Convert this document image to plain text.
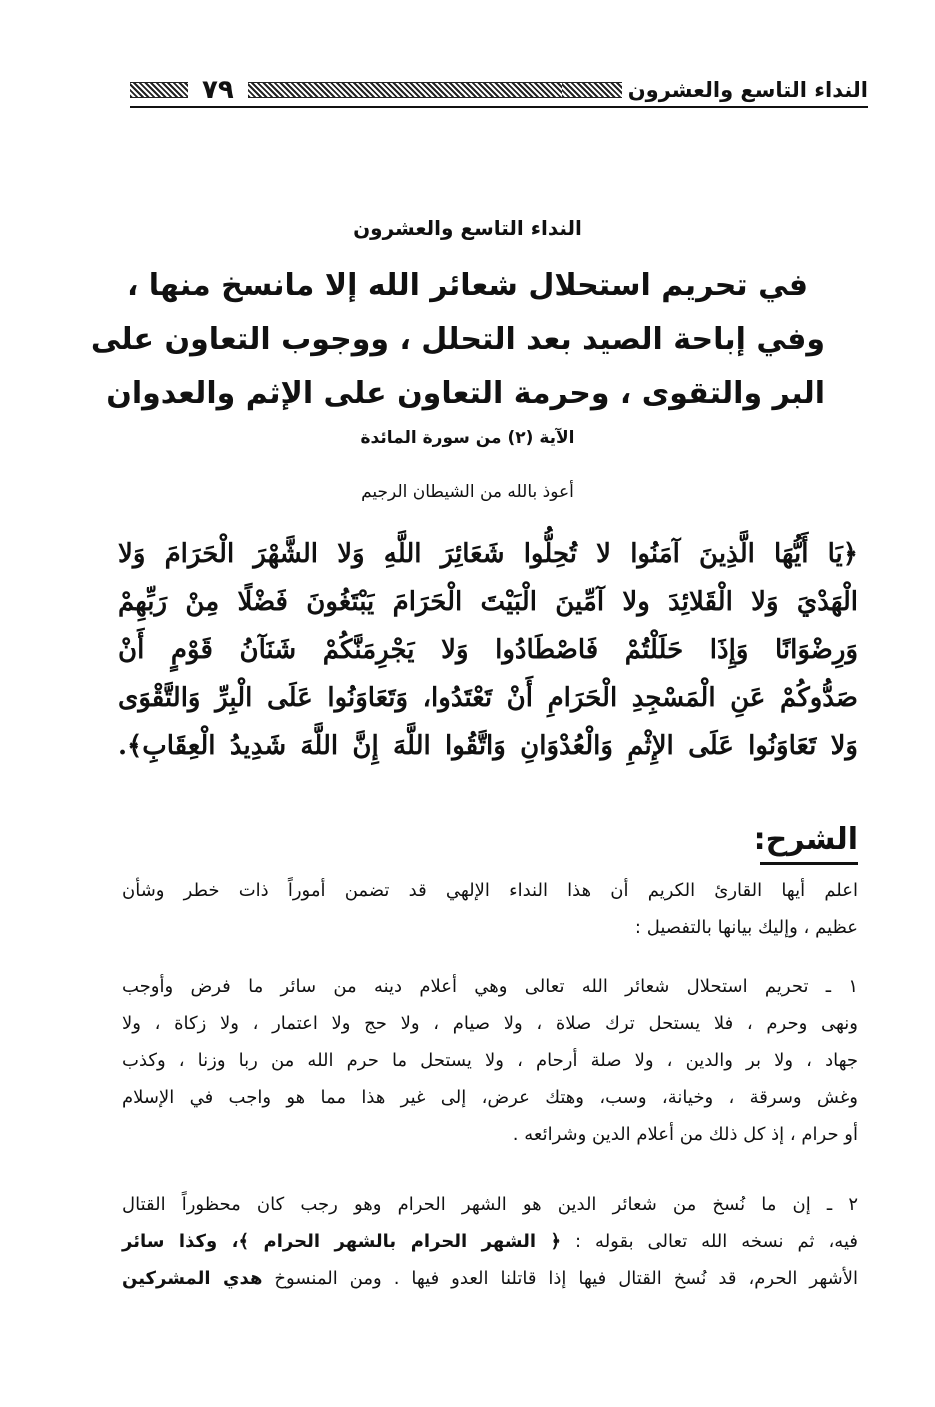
النداء التاسع والعشرون
٧٩
النداء التاسع والعشرون
في تحريم استحلال شعائر الله إلا مانسخ منها ،
وفي إباحة الصيد بعد التحلل ، ووجوب التعاون على
البر والتقوى ، وحرمة التعاون على الإثم والعدوان
الآية (٢) من سورة المائدة
أعوذ بالله من الشيطان الرجيم
﴿يَا أَيُّهَا الَّذِينَ آمَنُوا لا تُحِلُّوا شَعَائِرَ اللَّهِ وَلا الشَّهْرَ الْحَرَامَ وَلا
الْهَدْيَ وَلا الْقَلائِدَ ولا آمِّينَ الْبَيْتَ الْحَرَامَ يَبْتَغُونَ فَضْلًا مِنْ رَبِّهِمْ
وَرِضْوَانًا وَإِذَا حَلَلْتُمْ فَاصْطَادُوا وَلا يَجْرِمَنَّكُمْ شَنَآنُ قَوْمٍ أَنْ
صَدُّوكُمْ عَنِ الْمَسْجِدِ الْحَرَامِ أَنْ تَعْتَدُوا، وَتَعَاوَنُوا عَلَى الْبِرِّ وَالتَّقْوَى
وَلا تَعَاوَنُوا عَلَى الإِثْمِ وَالْعُدْوَانِ وَاتَّقُوا اللَّهَ إِنَّ اللَّهَ شَدِيدُ الْعِقَابِ﴾.
الشرح:
اعلم أيها القارئ الكريم أن هذا النداء الإلهي قد تضمن أموراً ذات خطر وشأن
عظيم ، وإليك بيانها بالتفصيل :
١ ـ تحريم استحلال شعائر الله تعالى وهي أعلام دينه من سائر ما فرض وأوجب
ونهى وحرم ، فلا يستحل ترك صلاة ، ولا صيام ، ولا حج ولا اعتمار ، ولا زكاة ، ولا
جهاد ، ولا بر والدين ، ولا صلة أرحام ، ولا يستحل ما حرم الله من ربا وزنا ، وكذب
وغش وسرقة ، وخيانة، وسب، وهتك عرض، إلى غير هذا مما هو واجب في الإسلام
أو حرام ، إذ كل ذلك من أعلام الدين وشرائعه .
٢ ـ إن ما نُسخ من شعائر الدين هو الشهر الحرام وهو رجب كان محظوراً القتال
فيه، ثم نسخه الله تعالى بقوله : ﴿ الشهر الحرام بالشهر الحرام ﴾، وكذا سائر
الأشهر الحرم، قد نُسخ القتال فيها إذا قاتلنا العدو فيها . ومن المنسوخ هدي المشركين
